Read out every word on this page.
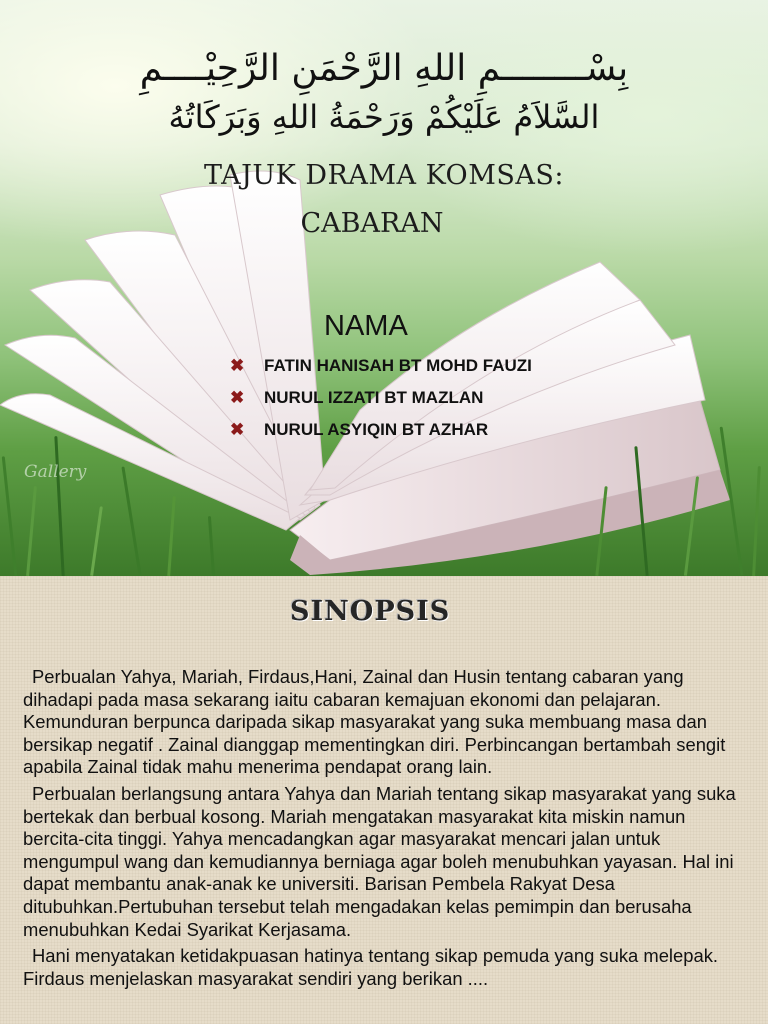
بِسْــــــــمِ اللهِ الرَّحْمَنِ الرَّحِيْــــمِ
السَّلاَمُ عَلَيْكُمْ وَرَحْمَةُ اللهِ وَبَرَكَاتُهُ
TAJUK DRAMA KOMSAS:
CABARAN
NAMA
✖ FATIN HANISAH BT MOHD FAUZI
✖ NURUL IZZATI BT MAZLAN
✖ NURUL ASYIQIN BT AZHAR
Gallery
SINOPSIS

Perbualan Yahya, Mariah, Firdaus,Hani, Zainal dan Husin tentang cabaran yang dihadapi pada masa sekarang iaitu cabaran kemajuan ekonomi dan pelajaran. Kemunduran berpunca daripada sikap masyarakat yang suka membuang masa dan bersikap negatif . Zainal dianggap mementingkan diri. Perbincangan bertambah sengit apabila Zainal tidak mahu menerima pendapat orang lain.

Perbualan berlangsung antara Yahya dan Mariah tentang sikap masyarakat yang suka bertekak dan berbual kosong. Mariah mengatakan masyarakat kita miskin namun bercita-cita tinggi. Yahya mencadangkan agar masyarakat mencari jalan untuk mengumpul wang dan kemudiannya berniaga agar boleh menubuhkan yayasan. Hal ini dapat membantu anak-anak ke universiti. Barisan Pembela Rakyat Desa ditubuhkan.Pertubuhan tersebut telah mengadakan kelas pemimpin dan berusaha menubuhkan Kedai Syarikat Kerjasama.

Hani menyatakan ketidakpuasan hatinya tentang sikap pemuda yang suka melepak. Firdaus menjelaskan masyarakat sendiri yang berikan ....
